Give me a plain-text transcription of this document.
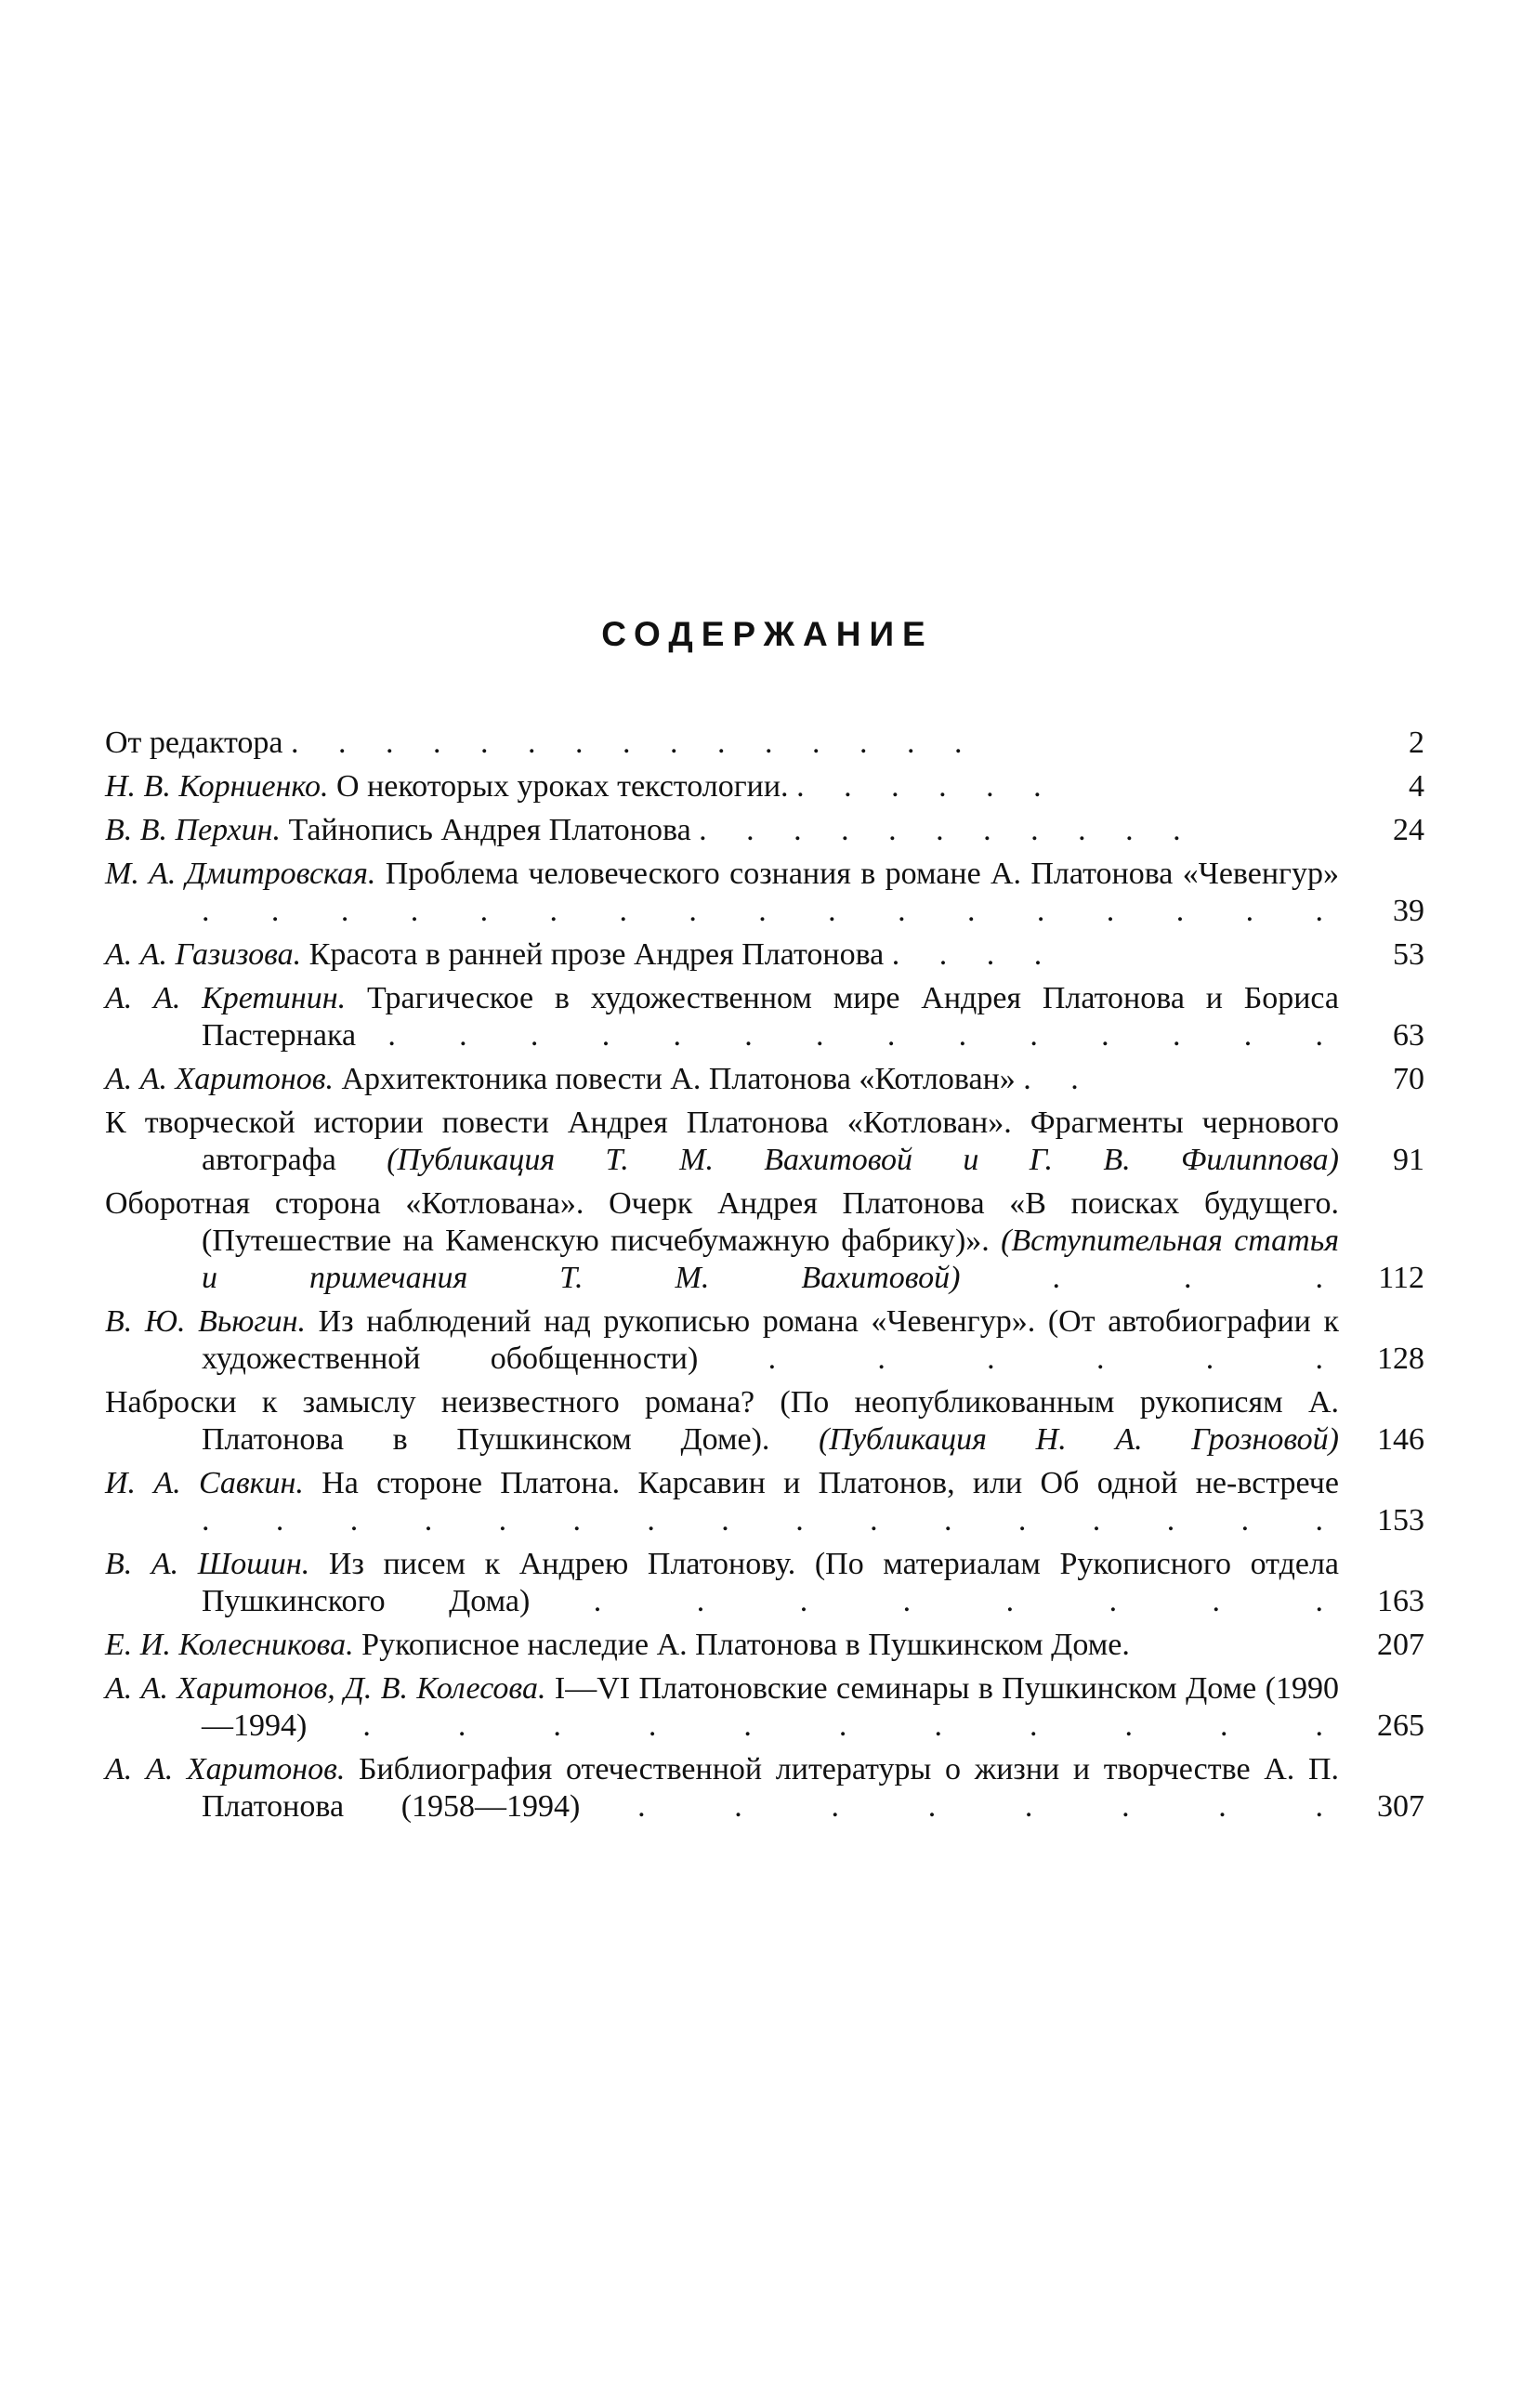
СОДЕРЖАНИЕ
От редактора . . . . . . . . . . . . . . .	2
Н. В. Корниенко. О некоторых уроках текстологии. . . . . . .	4
В. В. Перхин. Тайнопись Андрея Платонова . . . . . . . . . . .	24
М. А. Дмитровская. Проблема человеческого сознания в романе А. Платонова «Чевенгур» . . . . . . . . . . . . . . . . .	39
А. А. Газизова. Красота в ранней прозе Андрея Платонова . . . .	53
А. А. Кретинин. Трагическое в художественном мире Андрея Платонова и Бориса Пастернака . . . . . . . . . . . . . .	63
А. А. Харитонов. Архитектоника повести А. Платонова «Котлован» . .	70
К творческой истории повести Андрея Платонова «Котлован». Фрагменты чернового автографа (Публикация Т. М. Вахитовой и Г. В. Филиппова)	91
Оборотная сторона «Котлована». Очерк Андрея Платонова «В поисках будущего. (Путешествие на Каменскую писчебумажную фабрику)». (Вступительная статья и примечания Т. М. Вахитовой)	. . .	112
В. Ю. Вьюгин. Из наблюдений над рукописью романа «Чевенгур». (От автобиографии к художественной обобщенности) . . . . . .	128
Наброски к замыслу неизвестного романа? (По неопубликованным рукописям А. Платонова в Пушкинском Доме). (Публикация Н. А. Грозновой)	146
И. А. Савкин. На стороне Платона. Карсавин и Платонов, или Об одной не-встрече . . . . . . . . . . . . . . . .	153
В. А. Шошин. Из писем к Андрею Платонову. (По материалам Рукописного отдела Пушкинского Дома) . . . . . . . .	163
Е. И. Колесникова. Рукописное наследие А. Платонова в Пушкинском Доме.	207
А. А. Харитонов, Д. В. Колесова. I—VI Платоновские семинары в Пушкинском Доме (1990—1994) . . . . . . . . . . .	265
А. А. Харитонов. Библиография отечественной литературы о жизни и творчестве А. П. Платонова (1958—1994) . . . . . . . .	307
